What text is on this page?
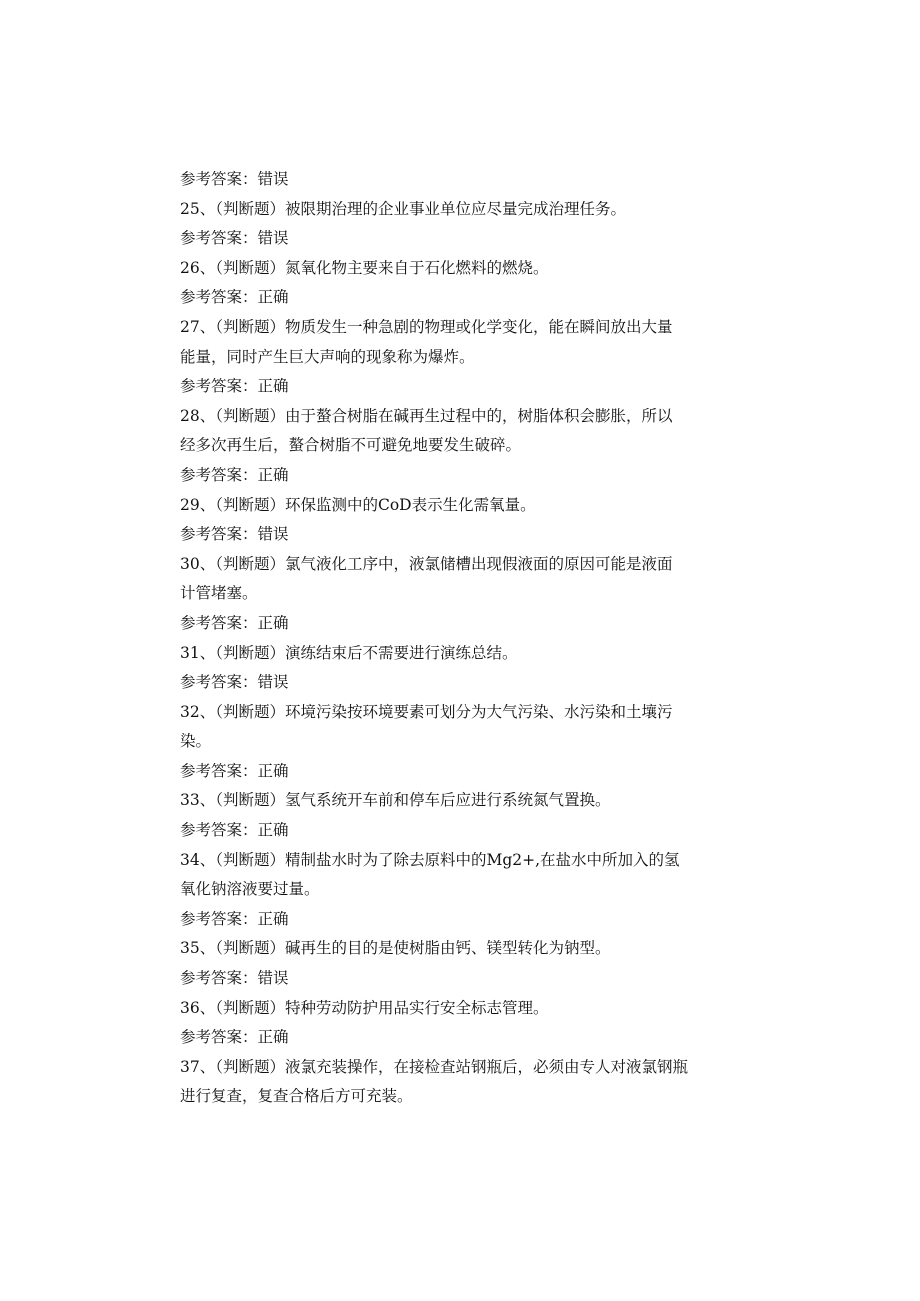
参考答案：错误
25、（判断题）被限期治理的企业事业单位应尽量完成治理任务。
参考答案：错误
26、（判断题）氮氧化物主要来自于石化燃料的燃烧。
参考答案：正确
27、（判断题）物质发生一种急剧的物理或化学变化，能在瞬间放出大量
能量，同时产生巨大声响的现象称为爆炸。
参考答案：正确
28、（判断题）由于螯合树脂在碱再生过程中的，树脂体积会膨胀，所以
经多次再生后，螯合树脂不可避免地要发生破碎。
参考答案：正确
29、（判断题）环保监测中的CoD表示生化需氧量。
参考答案：错误
30、（判断题）氯气液化工序中，液氯储槽出现假液面的原因可能是液面
计管堵塞。
参考答案：正确
31、（判断题）演练结束后不需要进行演练总结。
参考答案：错误
32、（判断题）环境污染按环境要素可划分为大气污染、水污染和土壤污
染。
参考答案：正确
33、（判断题）氢气系统开车前和停车后应进行系统氮气置换。
参考答案：正确
34、（判断题）精制盐水时为了除去原料中的Mg2+,在盐水中所加入的氢
氧化钠溶液要过量。
参考答案：正确
35、（判断题）碱再生的目的是使树脂由钙、镁型转化为钠型。
参考答案：错误
36、（判断题）特种劳动防护用品实行安全标志管理。
参考答案：正确
37、（判断题）液氯充装操作，在接检查站钢瓶后，必须由专人对液氯钢瓶
进行复查，复查合格后方可充装。
